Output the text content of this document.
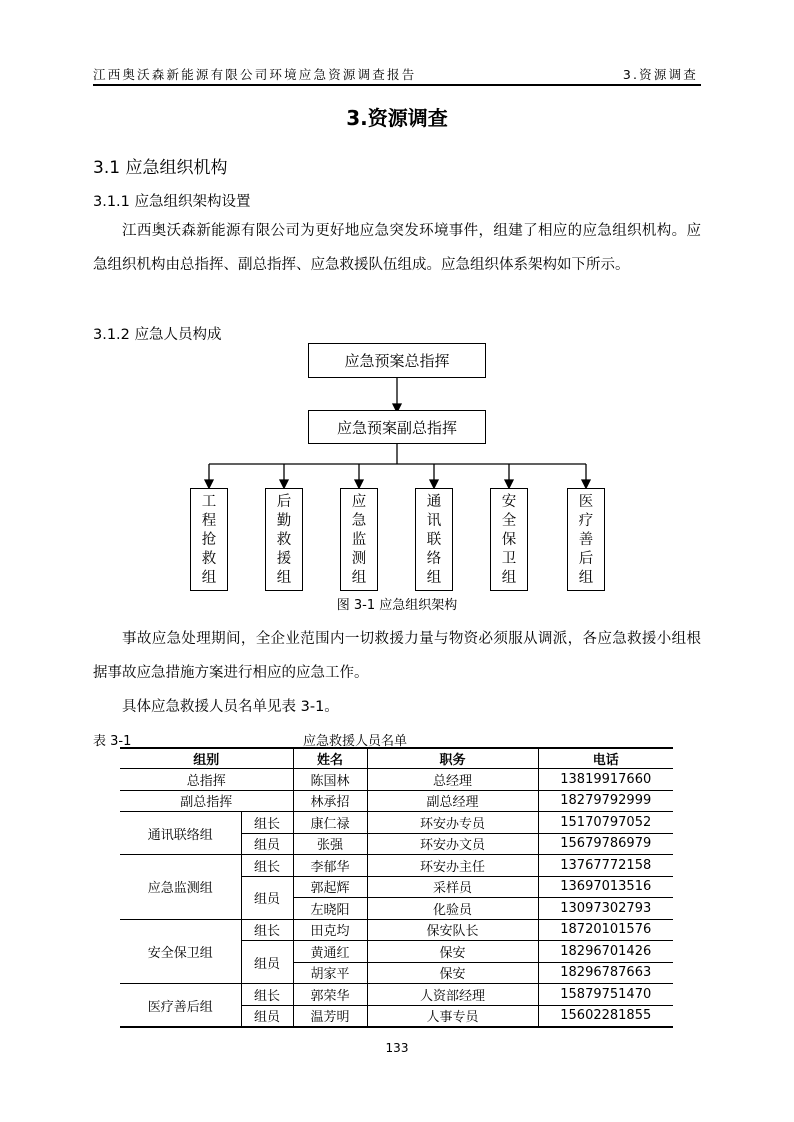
江西奥沃森新能源有限公司环境应急资源调查报告	3.资源调查
3.资源调查
3.1 应急组织机构
3.1.1 应急组织架构设置
江西奥沃森新能源有限公司为更好地应急突发环境事件，组建了相应的应急组织机构。应急组织机构由总指挥、副总指挥、应急救援队伍组成。应急组织体系架构如下所示。
3.1.2 应急人员构成
应急预案总指挥
应急预案副总指挥
工
程
抢
救
组
后
勤
救
援
组
应
急
监
测
组
通
讯
联
络
组
安
全
保
卫
组
医
疗
善
后
组
图 3-1 应急组织架构
事故应急处理期间，全企业范围内一切救援力量与物资必须服从调派，各应急救援小组根据事故应急措施方案进行相应的应急工作。
具体应急救援人员名单见表 3-1。
表 3-1	应急救援人员名单
组别		姓名	职务	电话
总指挥		陈国林	总经理	13819917660
副总指挥		林承招	副总经理	18279792999
通讯联络组	组长	康仁禄	环安办专员	15170797052
	组员	张强	环安办文员	15679786979
应急监测组	组长	李郁华	环安办主任	13767772158
	组员	郭起辉	采样员	13697013516
		左晓阳	化验员	13097302793
安全保卫组	组长	田克均	保安队长	18720101576
	组员	黄通红	保安	18296701426
		胡家平	保安	18296787663
医疗善后组	组长	郭荣华	人资部经理	15879751470
	组员	温芳明	人事专员	15602281855
133
